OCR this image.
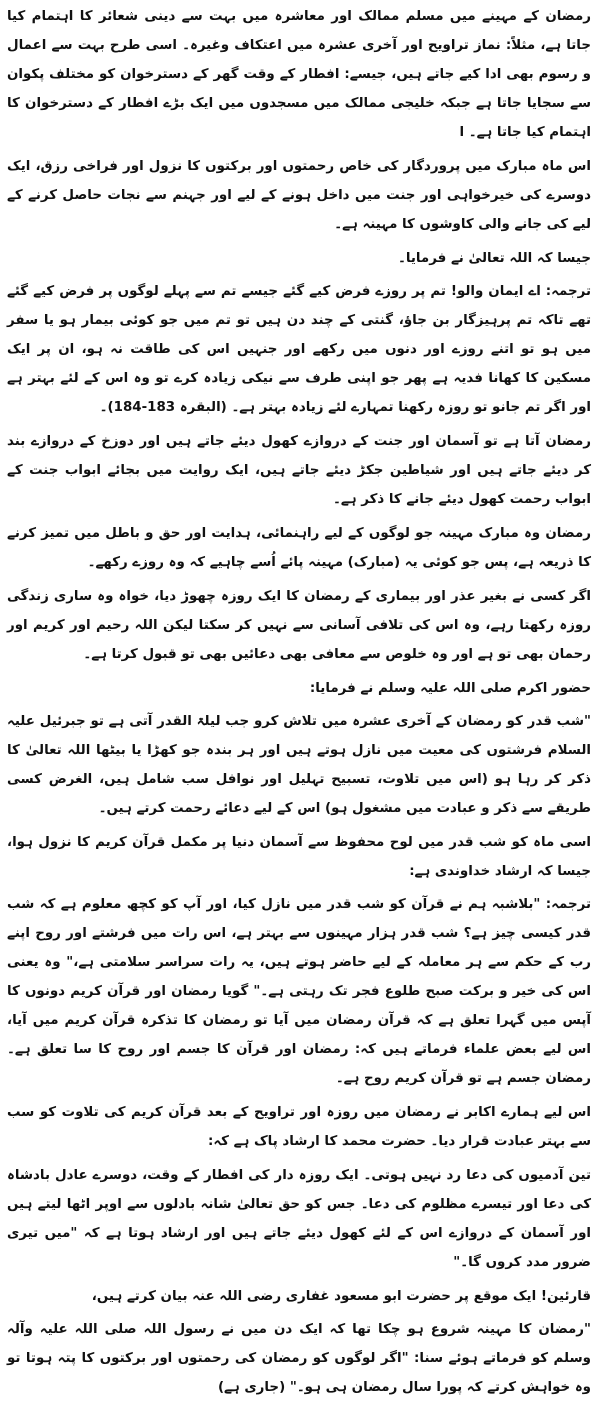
رمضان کے مہینے میں مسلم ممالک اور معاشرہ میں بہت سے دینی شعائر کا اہتمام کیا جاتا ہے، مثلاً: نماز تراویح اور آخری عشرہ میں اعتکاف وغیرہ۔ اسی طرح بہت سے اعمال و رسوم بھی ادا کیے جاتے ہیں، جیسے: افطار کے وقت گھر کے دسترخوان کو مختلف پکوان سے سجایا جاتا ہے جبکہ خلیجی ممالک میں مسجدوں میں ایک بڑے افطار کے دسترخوان کا اہتمام کیا جاتا ہے۔ ا

اس ماہ مبارک میں پروردگار کی خاص رحمتوں اور برکتوں کا نزول اور فراخی رزق، ایک دوسرے کی خیرخواہی اور جنت میں داخل ہونے کے لیے اور جہنم سے نجات حاصل کرنے کے لیے کی جانے والی کاوشوں کا مہینہ ہے۔

جیسا کہ اللہ تعالیٰ نے فرمایا۔

ترجمہ: اے ایمان والو! تم پر روزے فرض کیے گئے جیسے تم سے پہلے لوگوں پر فرض کیے گئے تھے تاکہ تم پرہیزگار بن جاؤ، گنتی کے چند دن ہیں تو تم میں جو کوئی بیمار ہو یا سفر میں ہو تو اتنے روزے اور دنوں میں رکھے اور جنہیں اس کی طاقت نہ ہو، ان پر ایک مسکین کا کھانا فدیہ ہے پھر جو اپنی طرف سے نیکی زیادہ کرے تو وہ اس کے لئے بہتر ہے اور اگر تم جانو تو روزہ رکھنا تمہارے لئے زیادہ بہتر ہے۔ (البقرہ 183-184)۔

رمضان آتا ہے تو آسمان اور جنت کے دروازے کھول دیئے جاتے ہیں اور دوزخ کے دروازے بند کر دیئے جاتے ہیں اور شیاطین جکڑ دیئے جاتے ہیں، ایک روایت میں بجائے ابواب جنت کے ابواب رحمت کھول دیئے جانے کا ذکر ہے۔

رمضان وہ مبارک مہینہ جو لوگوں کے لیے راہنمائی، ہدایت اور حق و باطل میں تمیز کرنے کا ذریعہ ہے، پس جو کوئی یہ (مبارک) مہینہ پائے اُسے چاہیے کہ وہ روزے رکھے۔

اگر کسی نے بغیر عذر اور بیماری کے رمضان کا ایک روزہ چھوڑ دیا، خواہ وہ ساری زندگی روزہ رکھتا رہے، وہ اس کی تلافی آسانی سے نہیں کر سکتا لیکن اللہ رحیم اور کریم اور رحمان بھی تو ہے اور وہ خلوص سے معافی بھی دعائیں بھی تو قبول کرتا ہے۔

حضور اکرم صلی اللہ علیہ وسلم نے فرمایا:

"شب قدر کو رمضان کے آخری عشرہ میں تلاش کرو جب لیلۃ القدر آتی ہے تو جبرئیل علیہ السلام فرشتوں کی معیت میں نازل ہوتے ہیں اور ہر بندہ جو کھڑا یا بیٹھا اللہ تعالیٰ کا ذکر کر رہا ہو (اس میں تلاوت، تسبیح تہلیل اور نوافل سب شامل ہیں، الغرض کسی طریقے سے ذکر و عبادت میں مشغول ہو) اس کے لیے دعائے رحمت کرتے ہیں۔

اسی ماہ کو شب قدر میں لوح محفوظ سے آسمان دنیا پر مکمل قرآن کریم کا نزول ہوا، جیسا کہ ارشاد خداوندی ہے:

ترجمہ: "بلاشبہ ہم نے قرآن کو شب قدر میں نازل کیا، اور آپ کو کچھ معلوم ہے کہ شب قدر کیسی چیز ہے؟ شب قدر ہزار مہینوں سے بہتر ہے، اس رات میں فرشتے اور روح اپنے رب کے حکم سے ہر معاملہ کے لیے حاضر ہوتے ہیں، یہ رات سراسر سلامتی ہے،" وہ یعنی اس کی خیر و برکت صبح طلوع فجر تک رہتی ہے۔" گویا رمضان اور قرآن کریم دونوں کا آپس میں گہرا تعلق ہے کہ قرآن رمضان میں آیا تو رمضان کا تذکرہ قرآن کریم میں آیا، اس لیے بعض علماء فرماتے ہیں کہ: رمضان اور قرآن کا جسم اور روح کا سا تعلق ہے۔ رمضان جسم ہے تو قرآن کریم روح ہے۔

اس لیے ہمارے اکابر نے رمضان میں روزہ اور تراویح کے بعد قرآن کریم کی تلاوت کو سب سے بہتر عبادت قرار دیا۔ حضرت محمد کا ارشاد پاک ہے کہ:

تین آدمیوں کی دعا رد نہیں ہوتی۔ ایک روزہ دار کی افطار کے وقت، دوسرے عادل بادشاہ کی دعا اور تیسرے مظلوم کی دعا۔ جس کو حق تعالیٰ شانہ بادلوں سے اوپر اٹھا لیتے ہیں اور آسمان کے دروازے اس کے لئے کھول دیئے جاتے ہیں اور ارشاد ہوتا ہے کہ "میں تیری ضرور مدد کروں گا۔"

قارئین! ایک موقع پر حضرت ابو مسعود غفاری رضی اللہ عنہ بیان کرتے ہیں،

"رمضان کا مہینہ شروع ہو چکا تھا کہ ایک دن میں نے رسول اللہ صلی اللہ علیہ وآلہ وسلم کو فرماتے ہوئے سنا: "اگر لوگوں کو رمضان کی رحمتوں اور برکتوں کا پتہ ہوتا تو وہ خواہش کرتے کہ پورا سال رمضان ہی ہو۔" (جاری ہے)
